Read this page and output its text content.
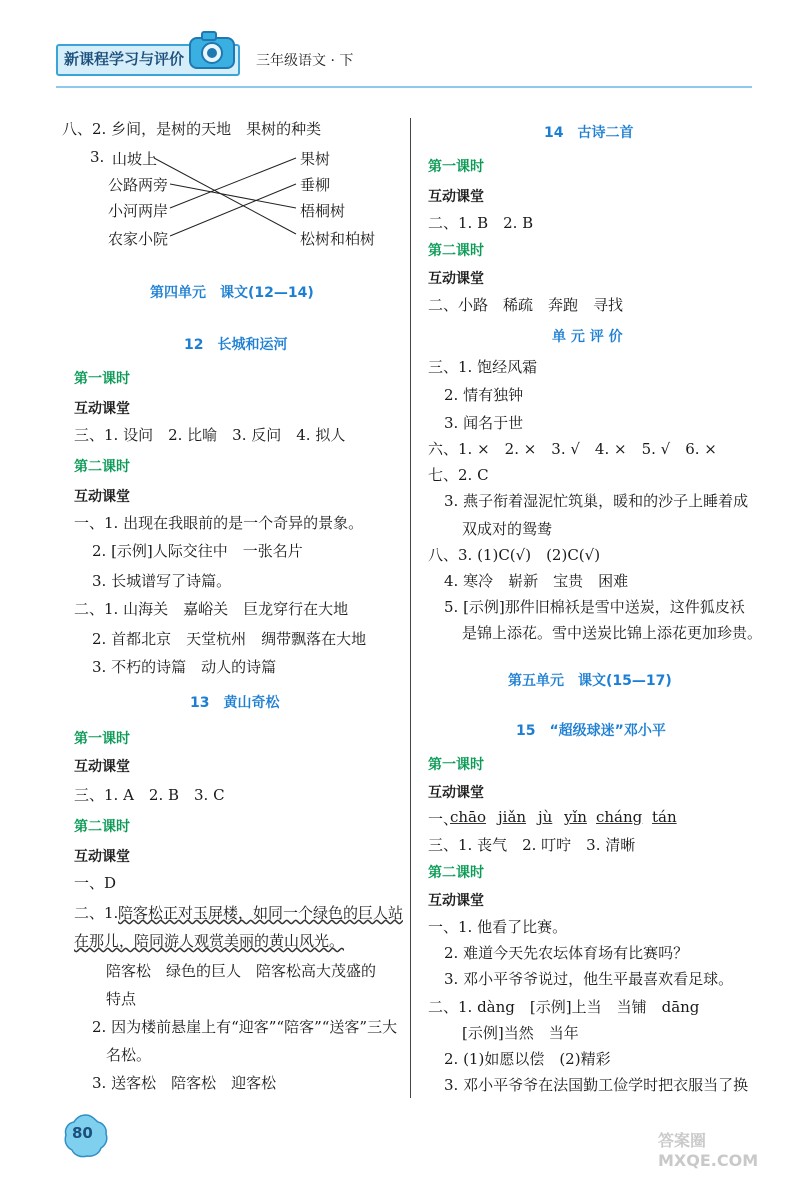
新课程学习与评价	三年级语文 · 下
八、2. 乡间，是树的天地　果树的种类
3. 山坡上
公路两旁
小河两岸
农家小院
果树
垂柳
梧桐树
松树和柏树
第四单元　课文(12—14)
12　长城和运河
第一课时
互动课堂
三、1. 设问　2. 比喻　3. 反问　4. 拟人
第二课时
互动课堂
一、1. 出现在我眼前的是一个奇异的景象。
2. [示例]人际交往中　一张名片
3. 长城谱写了诗篇。
二、1. 山海关　嘉峪关　巨龙穿行在大地
2. 首都北京　天堂杭州　绸带飘落在大地
3. 不朽的诗篇　动人的诗篇
13　黄山奇松
第一课时
互动课堂
三、1. A　2. B　3. C
第二课时
互动课堂
一、D
二、1. 陪客松正对玉屏楼，如同一个绿色的巨人站
在那儿，陪同游人观赏美丽的黄山风光。
陪客松　绿色的巨人　陪客松高大茂盛的
特点
2. 因为楼前悬崖上有“迎客”“陪客”“送客”三大
名松。
3. 送客松　陪客松　迎客松
14　古诗二首
第一课时
互动课堂
二、1. B　2. B
第二课时
互动课堂
二、小路　稀疏　奔跑　寻找
单 元 评 价
三、1. 饱经风霜
2. 情有独钟
3. 闻名于世
六、1. ×　2. ×　3. √　4. ×　5. √　6. ×
七、2. C
3. 燕子衔着湿泥忙筑巢，暖和的沙子上睡着成
双成对的鸳鸯
八、3. (1)C(√)　(2)C(√)
4. 寒冷　崭新　宝贵　困难
5. [示例]那件旧棉袄是雪中送炭，这件狐皮袄
是锦上添花。雪中送炭比锦上添花更加珍贵。
第五单元　课文(15—17)
15　“超级球迷”邓小平
第一课时
互动课堂
一、
chāo jiǎn jù yǐn cháng tán
三、1. 丧气　2. 叮咛　3. 清晰
第二课时
互动课堂
一、1. 他看了比赛。
2. 难道今天先农坛体育场有比赛吗？
3. 邓小平爷爷说过，他生平最喜欢看足球。
二、1. dàng　[示例]上当　当铺　dāng
[示例]当然　当年
2. (1)如愿以偿　(2)精彩
3. 邓小平爷爷在法国勤工俭学时把衣服当了换
80	答案圈 MXQE.COM
